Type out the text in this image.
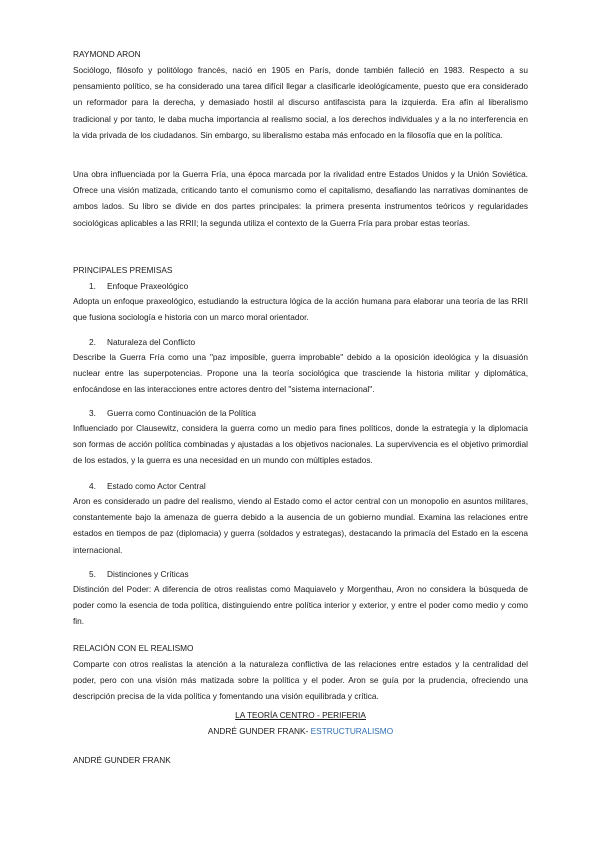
RAYMOND ARON

Sociólogo, filósofo y politólogo francés, nació en 1905 en París, donde también falleció en 1983. Respecto a su pensamiento político, se ha considerado una tarea difícil llegar a clasificarle ideológicamente, puesto que era considerado un reformador para la derecha, y demasiado hostil al discurso antifascista para la izquierda. Era afín al liberalismo tradicional y por tanto, le daba mucha importancia al realismo social, a los derechos individuales y a la no interferencia en la vida privada de los ciudadanos. Sin embargo, su liberalismo estaba más enfocado en la filosofía que en la política.

Una obra influenciada por la Guerra Fría, una época marcada por la rivalidad entre Estados Unidos y la Unión Soviética. Ofrece una visión matizada, criticando tanto el comunismo como el capitalismo, desafiando las narrativas dominantes de ambos lados. Su libro se divide en dos partes principales: la primera presenta instrumentos teóricos y regularidades sociológicas aplicables a las RRII; la segunda utiliza el contexto de la Guerra Fría para probar estas teorías.

PRINCIPALES PREMISAS

1. Enfoque Praxeológico

Adopta un enfoque praxeológico, estudiando la estructura lógica de la acción humana para elaborar una teoría de las RRII que fusiona sociología e historia con un marco moral orientador.

2. Naturaleza del Conflicto

Describe la Guerra Fría como una "paz imposible, guerra improbable" debido a la oposición ideológica y la disuasión nuclear entre las superpotencias. Propone una la teoría sociológica que trasciende la historia militar y diplomática, enfocándose en las interacciones entre actores dentro del "sistema internacional".

3. Guerra como Continuación de la Política

Influenciado por Clausewitz, considera la guerra como un medio para fines políticos, donde la estrategia y la diplomacia son formas de acción política combinadas y ajustadas a los objetivos nacionales. La supervivencia es el objetivo primordial de los estados, y la guerra es una necesidad en un mundo con múltiples estados.

4. Estado como Actor Central

Aron es considerado un padre del realismo, viendo al Estado como el actor central con un monopolio en asuntos militares, constantemente bajo la amenaza de guerra debido a la ausencia de un gobierno mundial. Examina las relaciones entre estados en tiempos de paz (diplomacia) y guerra (soldados y estrategas), destacando la primacía del Estado en la escena internacional.

5. Distinciones y Críticas

Distinción del Poder: A diferencia de otros realistas como Maquiavelo y Morgenthau, Aron no considera la búsqueda de poder como la esencia de toda política, distinguiendo entre política interior y exterior, y entre el poder como medio y como fin.

RELACIÓN CON EL REALISMO

Comparte con otros realistas la atención a la naturaleza conflictiva de las relaciones entre estados y la centralidad del poder, pero con una visión más matizada sobre la política y el poder. Aron se guía por la prudencia, ofreciendo una descripción precisa de la vida política y fomentando una visión equilibrada y crítica.

LA TEORÍA CENTRO - PERIFERIA

ANDRÉ GUNDER FRANK- ESTRUCTURALISMO

ANDRÉ GUNDER FRANK
